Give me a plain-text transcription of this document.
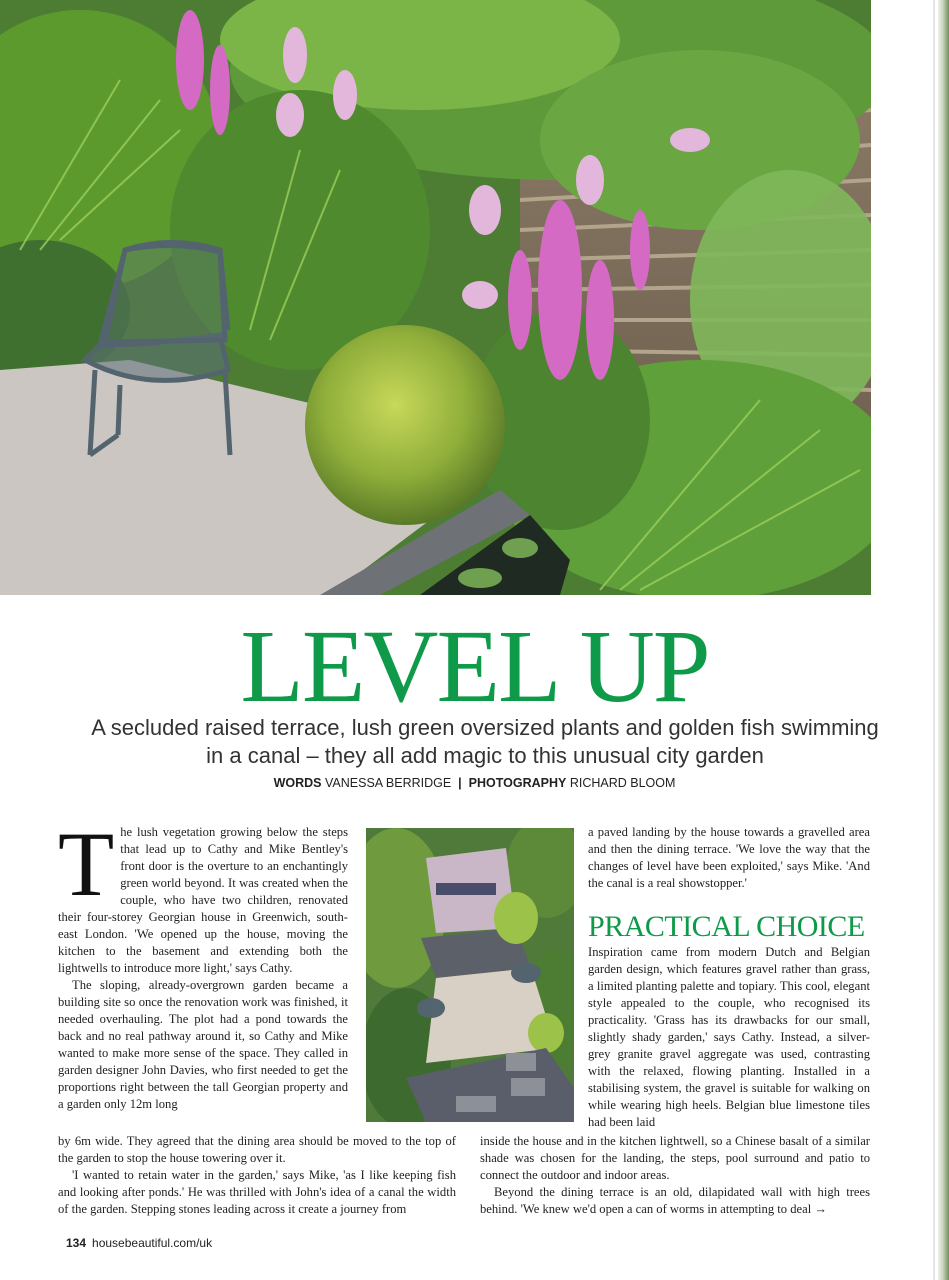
LEVEL UP
A secluded raised terrace, lush green oversized plants and golden fish swimming in a canal – they all add magic to this unusual city garden
WORDS VANESSA BERRIDGE | PHOTOGRAPHY RICHARD BLOOM
T he lush vegetation growing below the steps that lead up to Cathy and Mike Bentley's front door is the overture to an enchantingly green world beyond. It was created when the couple, who have two children, renovated their four-storey Georgian house in Greenwich, south-east London. 'We opened up the house, moving the kitchen to the basement and extending both the lightwells to introduce more light,' says Cathy.

The sloping, already-overgrown garden became a building site so once the renovation work was finished, it needed overhauling. The plot had a pond towards the back and no real pathway around it, so Cathy and Mike wanted to make more sense of the space. They called in garden designer John Davies, who first needed to get the proportions right between the tall Georgian property and a garden only 12m long

by 6m wide. They agreed that the dining area should be moved to the top of the garden to stop the house towering over it.

'I wanted to retain water in the garden,' says Mike, 'as I like keeping fish and looking after ponds.' He was thrilled with John's idea of a canal the width of the garden. Stepping stones leading across it create a journey from

a paved landing by the house towards a gravelled area and then the dining terrace. 'We love the way that the changes of level have been exploited,' says Mike. 'And the canal is a real showstopper.'

PRACTICAL CHOICE

Inspiration came from modern Dutch and Belgian garden design, which features gravel rather than grass, a limited planting palette and topiary. This cool, elegant style appealed to the couple, who recognised its practicality. 'Grass has its drawbacks for our small, slightly shady garden,' says Cathy. Instead, a silver-grey granite gravel aggregate was used, contrasting with the relaxed, flowing planting. Installed in a stabilising system, the gravel is suitable for walking on while wearing high heels. Belgian blue limestone tiles had been laid

inside the house and in the kitchen lightwell, so a Chinese basalt of a similar shade was chosen for the landing, the steps, pool surround and patio to connect the outdoor and indoor areas.

Beyond the dining terrace is an old, dilapidated wall with high trees behind. 'We knew we'd open a can of worms in attempting to deal →

134 housebeautiful.com/uk
